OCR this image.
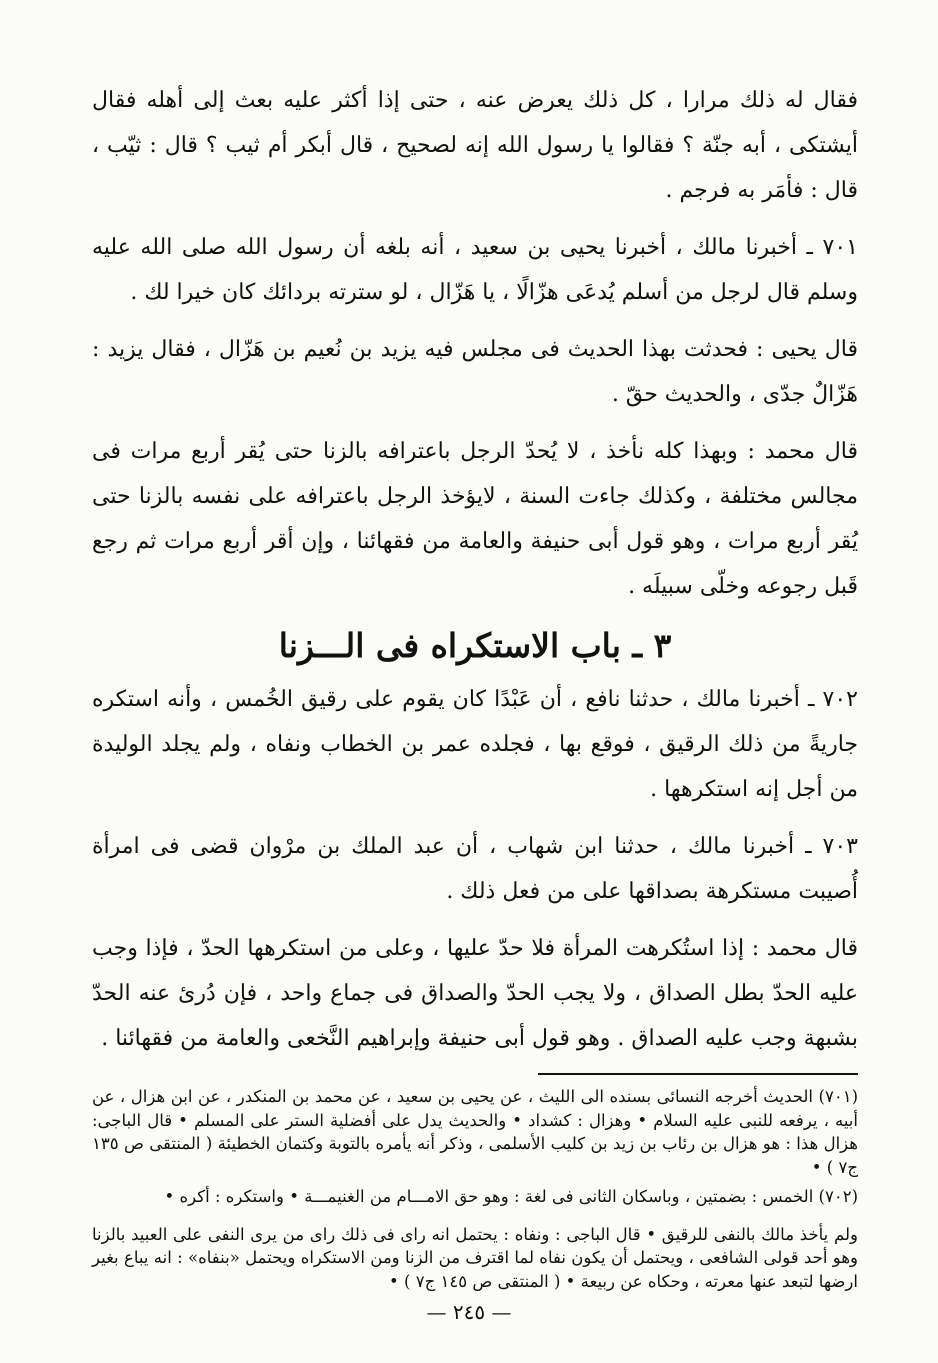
فقال له ذلك مرارا ، كل ذلك يعرض عنه ، حتى إذا أكثر عليه بعث إلى أهله فقال أيشتكى ، أبه جنّة ؟ فقالوا يا رسول الله إنه لصحيح ، قال أبكر أم ثيب ؟ قال : ثيّب ، قال : فأمَر به فرجم .

٧٠١ ـ أخبرنا مالك ، أخبرنا يحيى بن سعيد ، أنه بلغه أن رسول الله صلى الله عليه وسلم قال لرجل من أسلم يُدعَى هزّالًا ، يا هَزّال ، لو سترته بردائك كان خيرا لك .

قال يحيى : فحدثت بهذا الحديث فى مجلس فيه يزيد بن نُعيم بن هَزّال ، فقال يزيد : هَزّالٌ جدّى ، والحديث حقّ .

قال محمد : وبهذا كله نأخذ ، لا يُحدّ الرجل باعترافه بالزنا حتى يُقر أربع مرات فى مجالس مختلفة ، وكذلك جاءت السنة ، لايؤخذ الرجل باعترافه على نفسه بالزنا حتى يُقر أربع مرات ، وهو قول أبى حنيفة والعامة من فقهائنا ، وإن أقر أربع مرات ثم رجع قَبل رجوعه وخلّى سبيلَه .

٣ ـ باب الاستكراه فى الـــزنا

٧٠٢ ـ أخبرنا مالك ، حدثنا نافع ، أن عَبْدًا كان يقوم على رقيق الخُمس ، وأنه استكره جاريةً من ذلك الرقيق ، فوقع بها ، فجلده عمر بن الخطاب ونفاه ، ولم يجلد الوليدة من أجل إنه استكرهها .

٧٠٣ ـ أخبرنا مالك ، حدثنا ابن شهاب ، أن عبد الملك بن مرْوان قضى فى امرأة أُصيبت مستكرهة بصداقها على من فعل ذلك .

قال محمد : إذا استُكرهت المرأة فلا حدّ عليها ، وعلى من استكرهها الحدّ ، فإذا وجب عليه الحدّ بطل الصداق ، ولا يجب الحدّ والصداق فى جماع واحد ، فإن دُرئ عنه الحدّ بشبهة وجب عليه الصداق . وهو قول أبى حنيفة وإبراهيم النَّخعى والعامة من فقهائنا .

(٧٠١) الحديث أخرجه النسائى بسنده الى الليث ، عن يحيى بن سعيد ، عن محمد بن المنكدر ، عن ابن هزال ، عن أبيه ، يرفعه للنبى عليه السلام • وهزال : كشداد • والحديث يدل على أفضلية الستر على المسلم • قال الباجى: هزال هذا : هو هزال بن رئاب بن زيد بن كليب الأسلمى ، وذكر أنه يأمره بالتوبة وكتمان الخطيئة ( المنتقى ص ١٣٥ ج٧ ) •

(٧٠٢) الخمس : بضمتين ، وباسكان الثانى فى لغة : وهو حق الامـــام من الغنيمـــة • واستكره : أكره •

ولم يأخذ مالك بالنفى للرقيق • قال الباجى : ونفاه : يحتمل انه راى فى ذلك راى من يرى النفى على العبيد بالزنا وهو أحد قولى الشافعى ، ويحتمل أن يكون نفاه لما اقترف من الزنا ومن الاستكراه ويحتمل «بنفاه» : انه يباع بغير ارضها لتبعد عنها معرته ، وحكاه عن ربيعة • ( المنتقى ص ١٤٥ ج٧ ) •

— ٢٤٥ —
